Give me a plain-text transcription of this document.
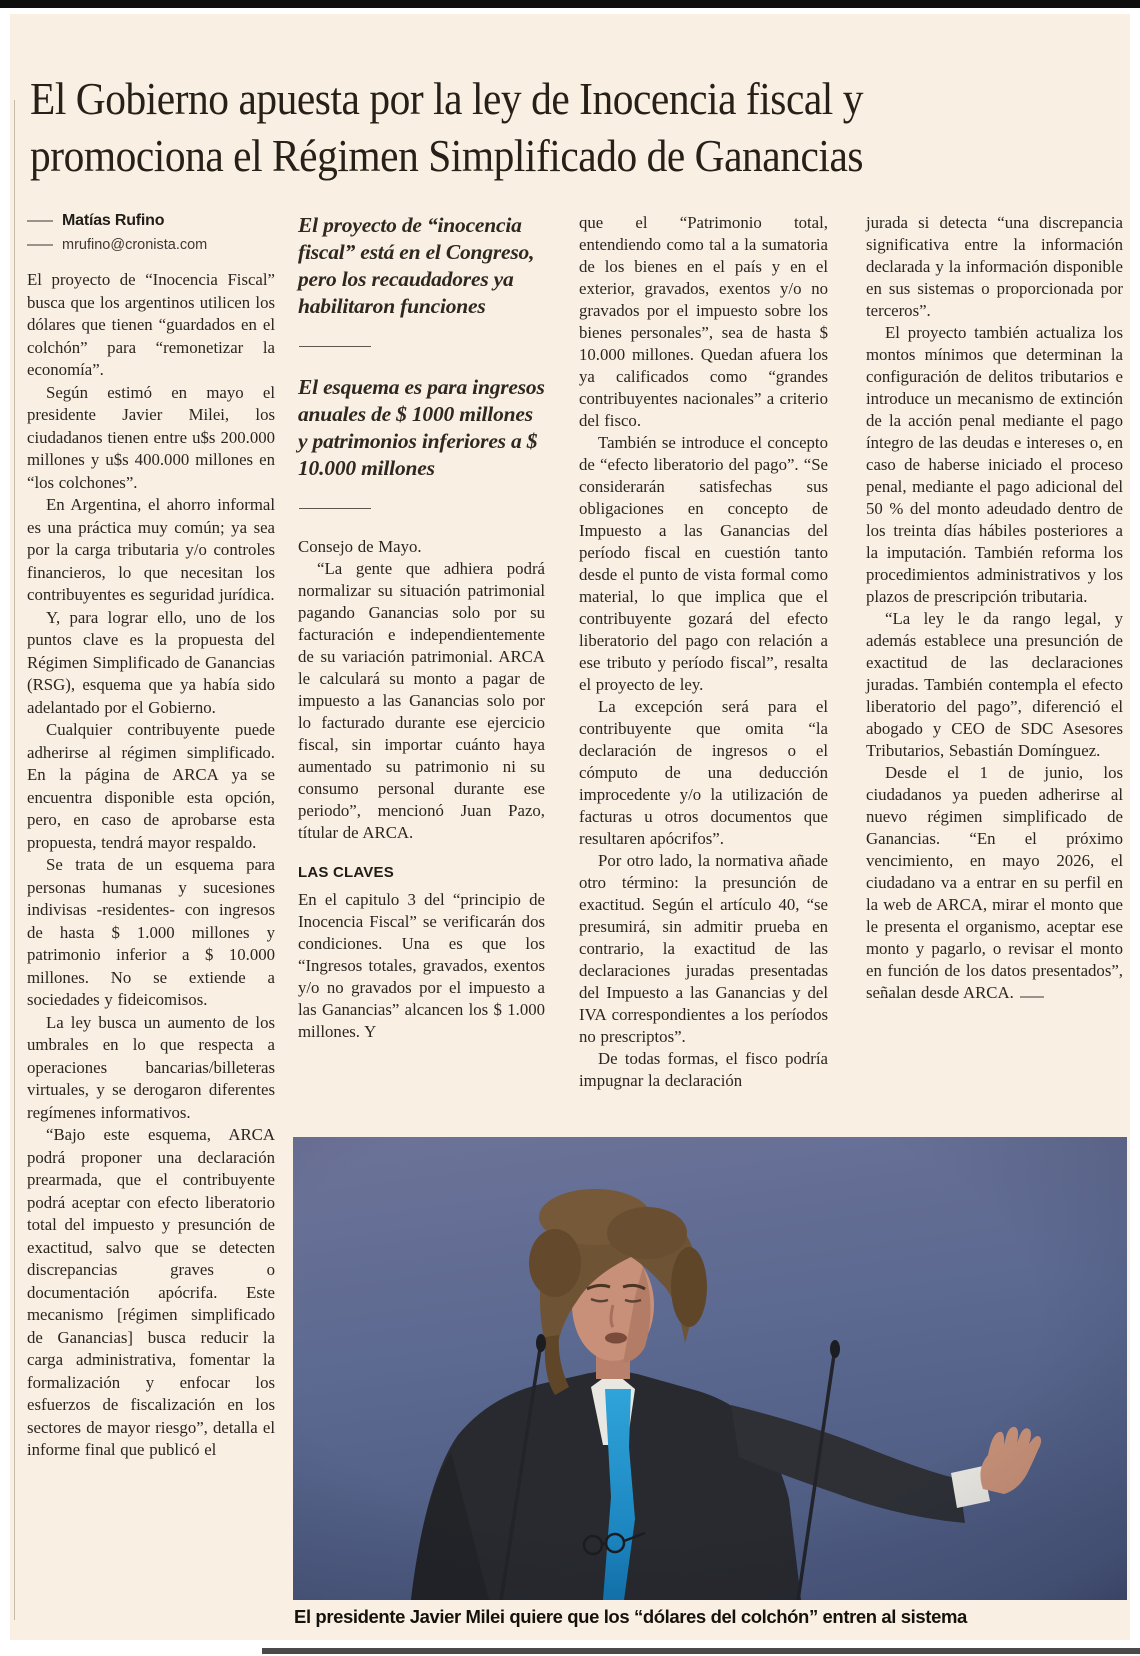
El Gobierno apuesta por la ley de Inocencia fiscal y
promociona el Régimen Simplificado de Ganancias
Matías Rufino
mrufino@cronista.com

El proyecto de “Inocencia Fiscal” busca que los argentinos utilicen los dólares que tienen “guardados en el colchón” para “remonetizar la economía”.

Según estimó en mayo el presidente Javier Milei, los ciudadanos tienen entre u$s 200.000 millones y u$s 400.000 millones en “los colchones”.

En Argentina, el ahorro informal es una práctica muy común; ya sea por la carga tributaria y/o controles financieros, lo que necesitan los contribuyentes es seguridad jurídica.

Y, para lograr ello, uno de los puntos clave es la propuesta del Régimen Simplificado de Ganancias (RSG), esquema que ya había sido adelantado por el Gobierno.

Cualquier contribuyente puede adherirse al régimen simplificado. En la página de ARCA ya se encuentra disponible esta opción, pero, en caso de aprobarse esta propuesta, tendrá mayor respaldo.

Se trata de un esquema para personas humanas y sucesiones indivisas -residentes- con ingresos de hasta $ 1.000 millones y patrimonio inferior a $ 10.000 millones. No se extiende a sociedades y fideicomisos.

La ley busca un aumento de los umbrales en lo que respecta a operaciones bancarias/billeteras virtuales, y se derogaron diferentes regímenes informativos.

“Bajo este esquema, ARCA podrá proponer una declaración prearmada, que el contribuyente podrá aceptar con efecto liberatorio total del impuesto y presunción de exactitud, salvo que se detecten discrepancias graves o documentación apócrifa. Este mecanismo [régimen simplificado de Ganancias] busca reducir la carga administrativa, fomentar la formalización y enfocar los esfuerzos de fiscalización en los sectores de mayor riesgo”, detalla el informe final que publicó el

El proyecto de “inocencia fiscal” está en el Congreso, pero los recaudadores ya habilitaron funciones
El esquema es para ingresos anuales de $ 1000 millones y patrimonios inferiores a $ 10.000 millones

Consejo de Mayo.

“La gente que adhiera podrá normalizar su situación patrimonial pagando Ganancias solo por su facturación e independientemente de su variación patrimonial. ARCA le calculará su monto a pagar de impuesto a las Ganancias solo por lo facturado durante ese ejercicio fiscal, sin importar cuánto haya aumentado su patrimonio ni su consumo personal durante ese periodo”, mencionó Juan Pazo, títular de ARCA.

LAS CLAVES

En el capitulo 3 del “principio de Inocencia Fiscal” se verificarán dos condiciones. Una es que los “Ingresos totales, gravados, exentos y/o no gravados por el impuesto a las Ganancias” alcancen los $ 1.000 millones. Y

que el “Patrimonio total, entendiendo como tal a la sumatoria de los bienes en el país y en el exterior, gravados, exentos y/o no gravados por el impuesto sobre los bienes personales”, sea de hasta $ 10.000 millones. Quedan afuera los ya calificados como “grandes contribuyentes nacionales” a criterio del fisco.

También se introduce el concepto de “efecto liberatorio del pago”. “Se considerarán satisfechas sus obligaciones en concepto de Impuesto a las Ganancias del período fiscal en cuestión tanto desde el punto de vista formal como material, lo que implica que el contribuyente gozará del efecto liberatorio del pago con relación a ese tributo y período fiscal”, resalta el proyecto de ley.

La excepción será para el contribuyente que omita “la declaración de ingresos o el cómputo de una deducción improcedente y/o la utilización de facturas u otros documentos que resultaren apócrifos”.

Por otro lado, la normativa añade otro término: la presunción de exactitud. Según el artículo 40, “se presumirá, sin admitir prueba en contrario, la exactitud de las declaraciones juradas presentadas del Impuesto a las Ganancias y del IVA correspondientes a los períodos no prescriptos”.

De todas formas, el fisco podría impugnar la declaración

jurada si detecta “una discrepancia significativa entre la información declarada y la información disponible en sus sistemas o proporcionada por terceros”.

El proyecto también actualiza los montos mínimos que determinan la configuración de delitos tributarios e introduce un mecanismo de extinción de la acción penal mediante el pago íntegro de las deudas e intereses o, en caso de haberse iniciado el proceso penal, mediante el pago adicional del 50 % del monto adeudado dentro de los treinta días hábiles posteriores a la imputación. También reforma los procedimientos administrativos y los plazos de prescripción tributaria.

“La ley le da rango legal, y además establece una presunción de exactitud de las declaraciones juradas. También contempla el efecto liberatorio del pago”, diferenció el abogado y CEO de SDC Asesores Tributarios, Sebastián Domínguez.

Desde el 1 de junio, los ciudadanos ya pueden adherirse al nuevo régimen simplificado de Ganancias. “En el próximo vencimiento, en mayo 2026, el ciudadano va a entrar en su perfil en la web de ARCA, mirar el monto que le presenta el organismo, aceptar ese monto y pagarlo, o revisar el monto en función de los datos presentados”, señalan desde ARCA.

El presidente Javier Milei quiere que los “dólares del colchón” entren al sistema
